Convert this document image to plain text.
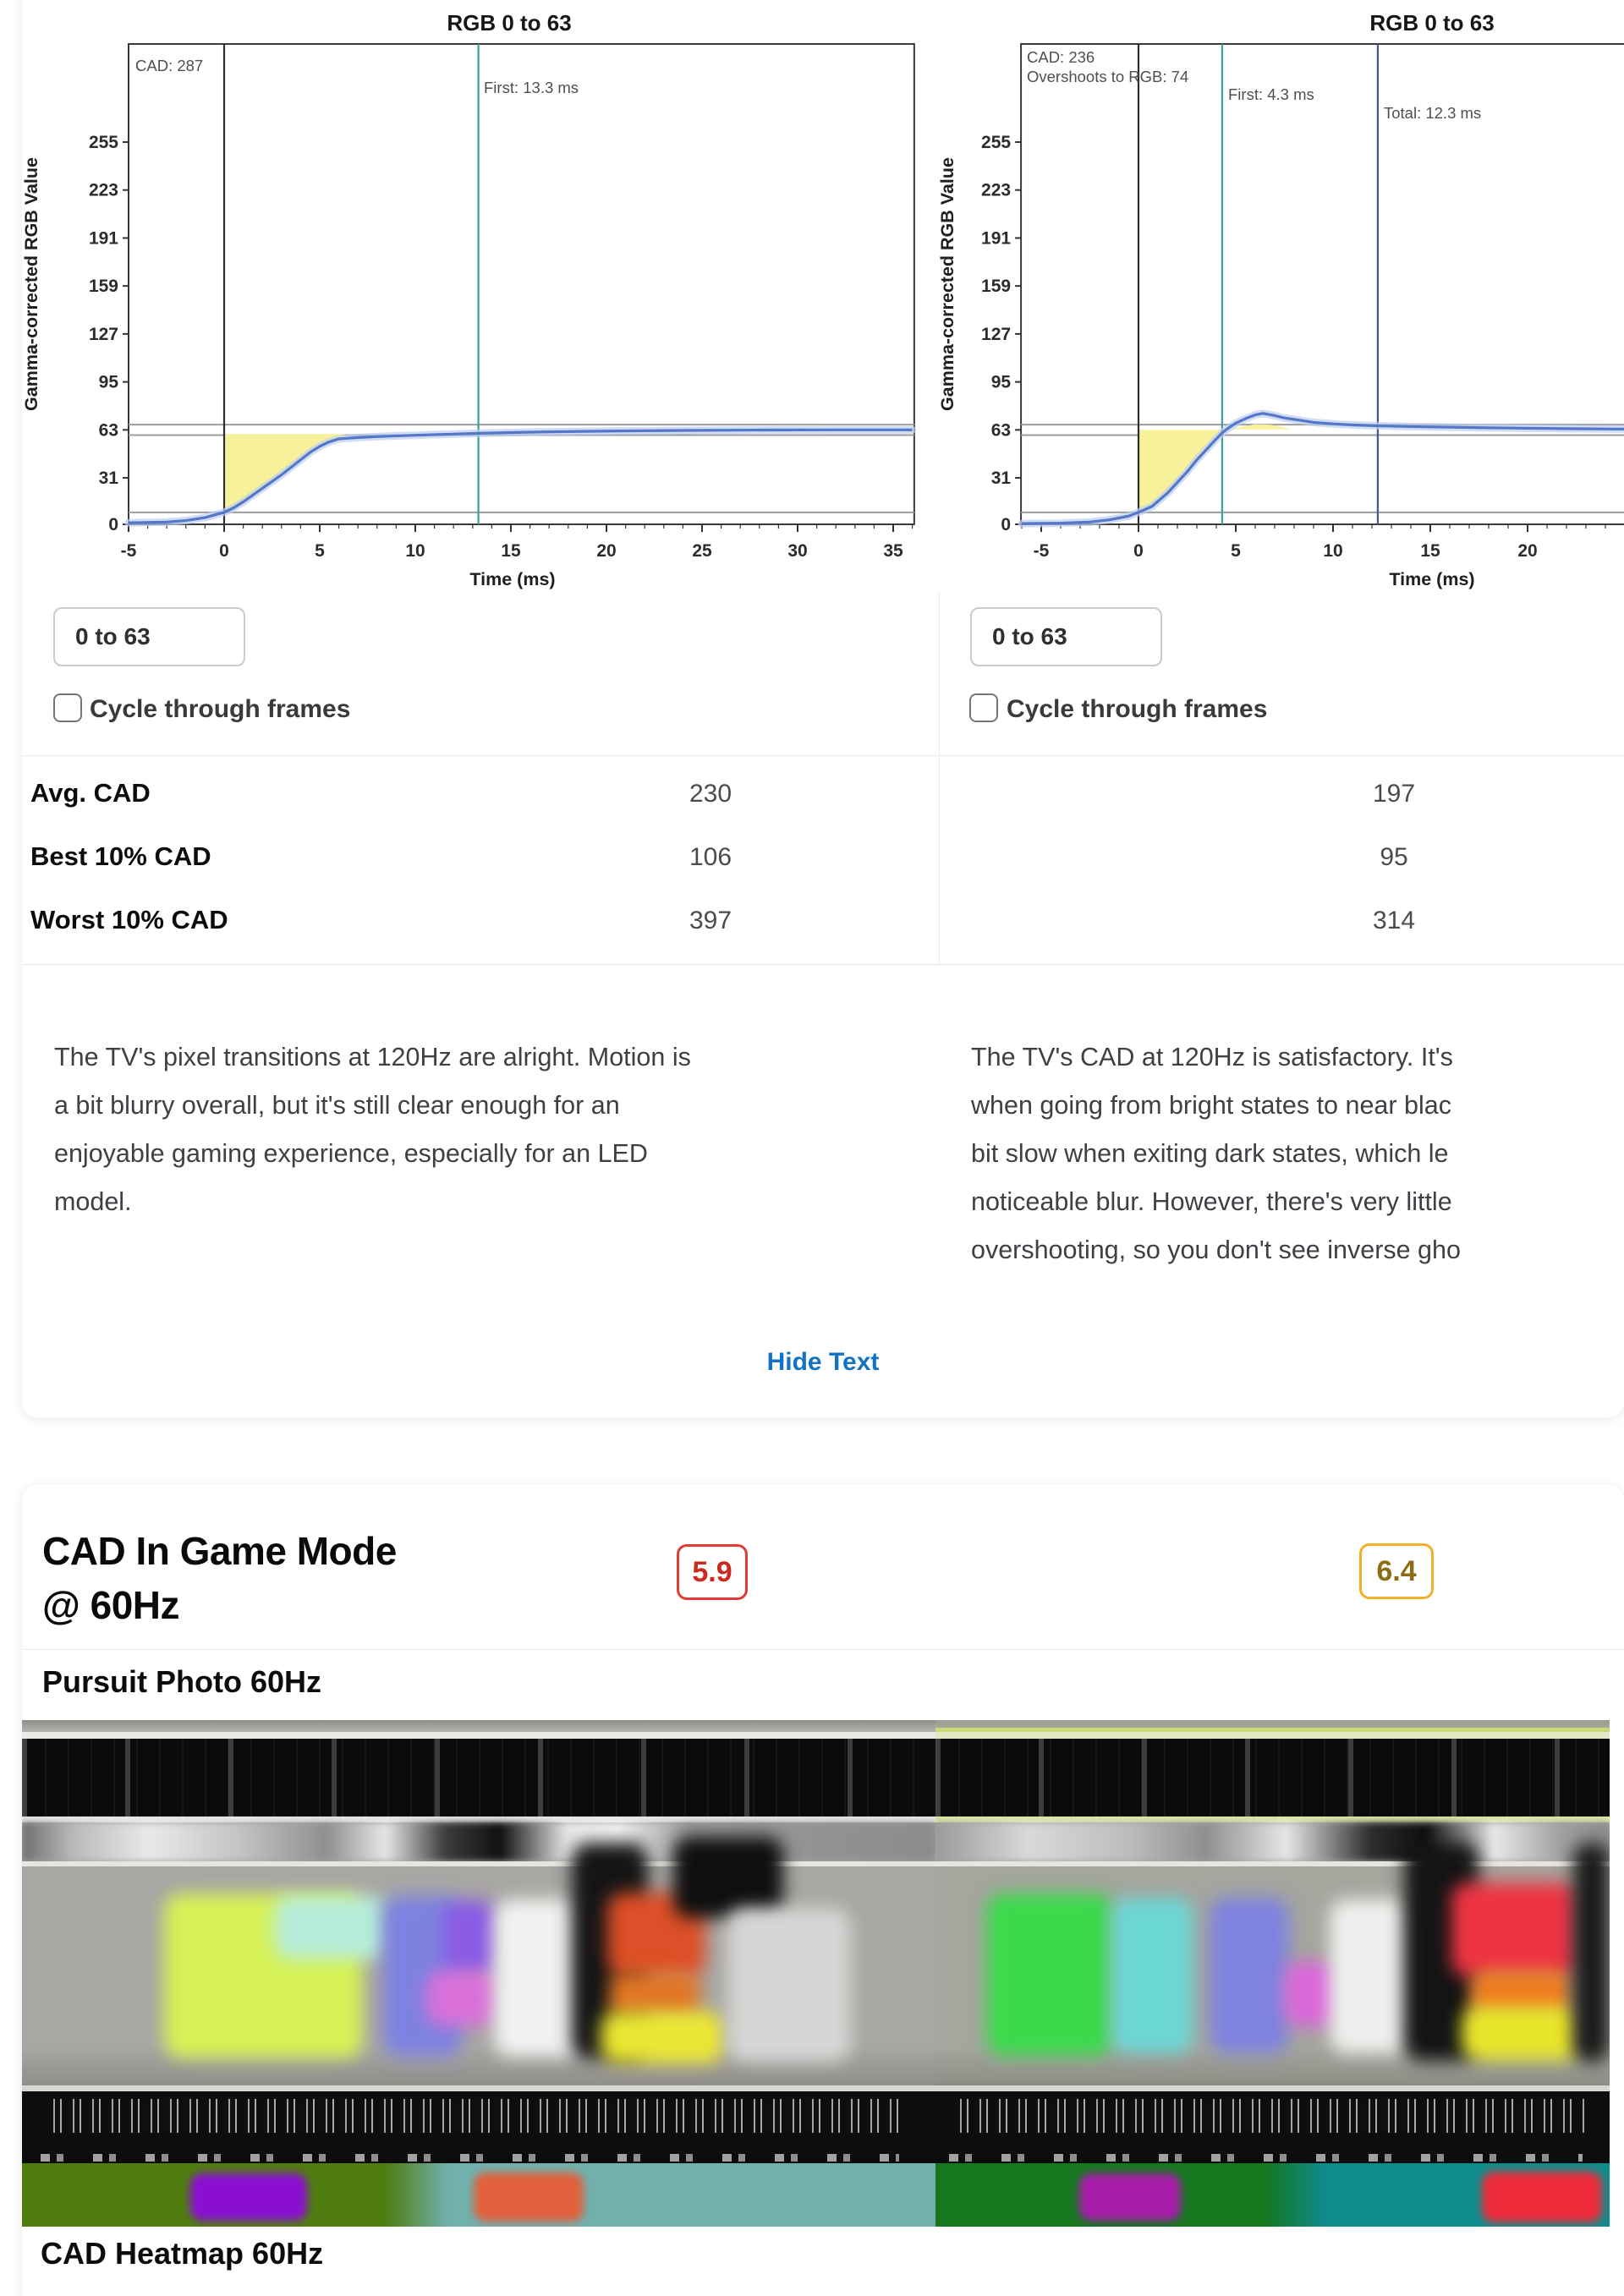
-5	0	5	10	15	20	25	30	35
0
31
63
95
127
159
191
223
255
CAD: 287
First: 13.3 ms
RGB 0 to 63
Time (ms)
Gamma-corrected RGB Value
-5	0	5	10	15	20
0
31
63
95
127
159
191
223
255
CAD: 236
Overshoots to RGB: 74
First: 4.3 ms
Total: 12.3 ms
RGB 0 to 63
Time (ms)
Gamma-corrected RGB Value
0 to 63	0 to 63
Cycle through frames	Cycle through frames
Avg. CAD	230	197
Best 10% CAD	106	95
Worst 10% CAD	397	314
The TV's pixel transitions at 120Hz are alright. Motion is
a bit blurry overall, but it's still clear enough for an
enjoyable gaming experience, especially for an LED
model.
The TV's CAD at 120Hz is satisfactory. It's
when going from bright states to near blac
bit slow when exiting dark states, which le
noticeable blur. However, there's very little
overshooting, so you don't see inverse gho
Hide Text
CAD In Game Mode
@ 60Hz
5.9	6.4
Pursuit Photo 60Hz
CAD Heatmap 60Hz
